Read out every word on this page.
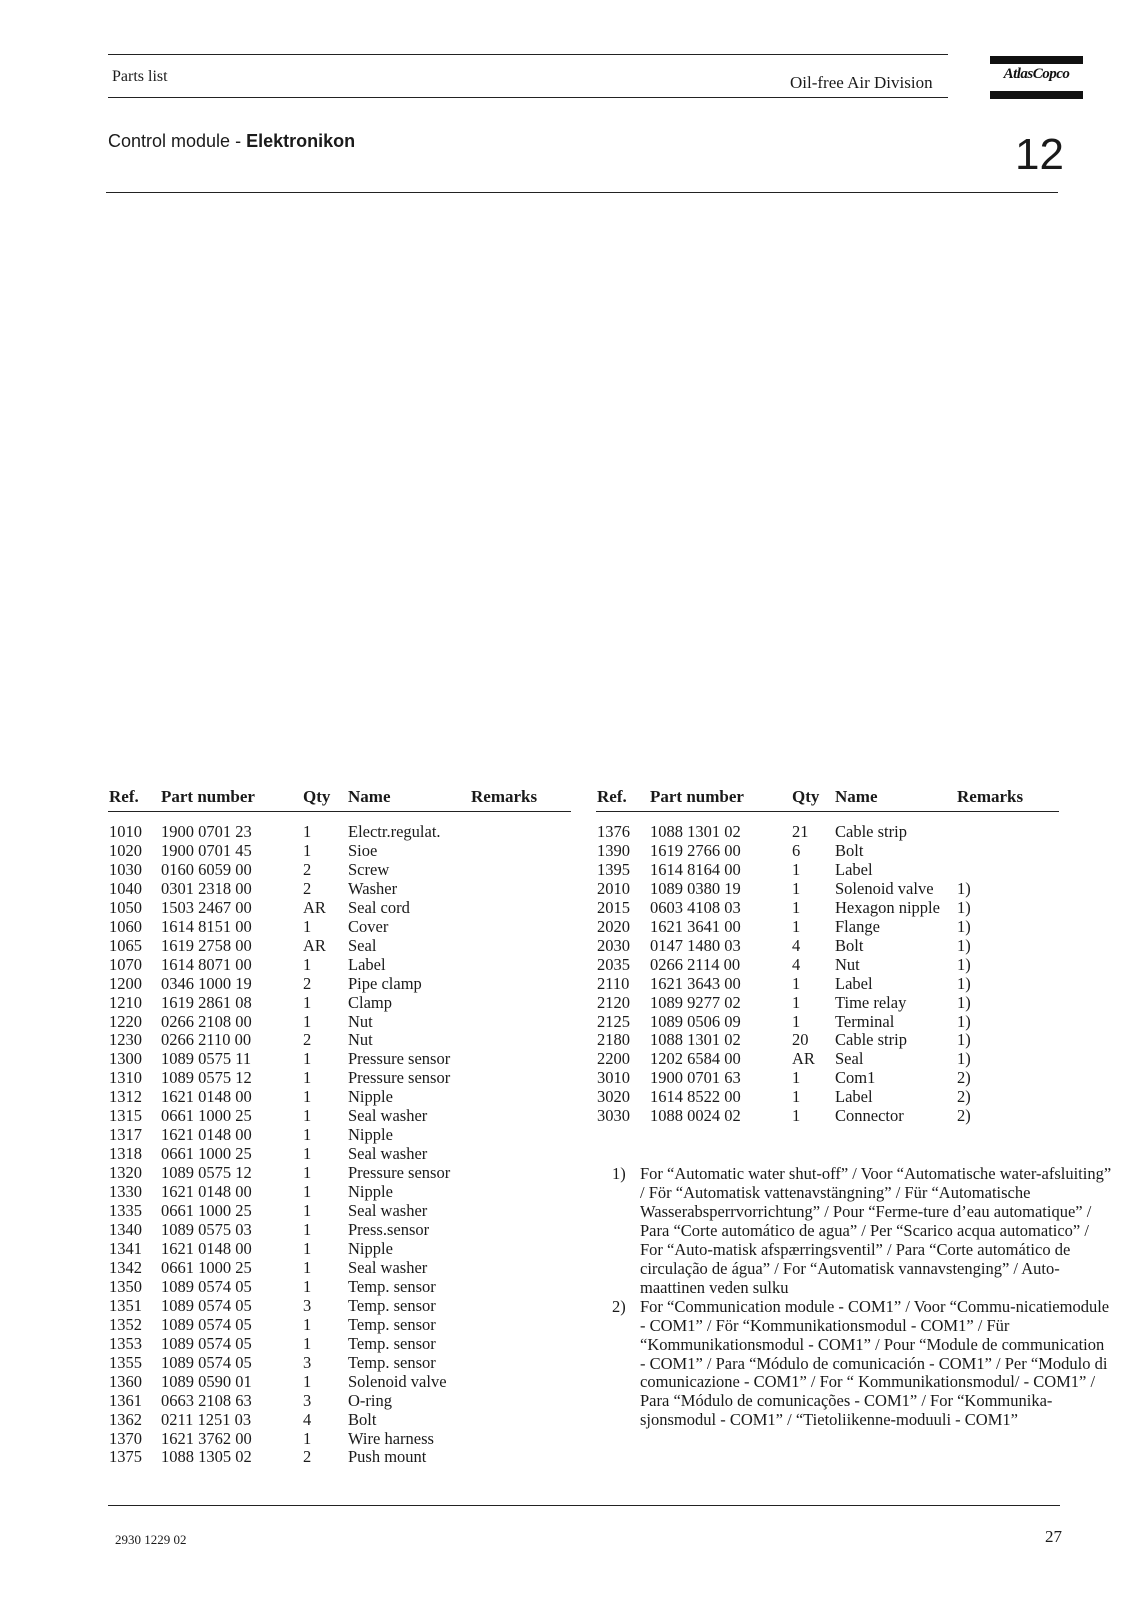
Parts list	Oil-free Air Division	AtlasCopco
Control module - Elektronikon	12
Ref.	Part number	Qty	Name	Remarks

1010	1900 0701 23	1	Electr.regulat.	
1020	1900 0701 45	1	Sioe	
1030	0160 6059 00	2	Screw	
1040	0301 2318 00	2	Washer	
1050	1503 2467 00	AR	Seal cord	
1060	1614 8151 00	1	Cover	
1065	1619 2758 00	AR	Seal	
1070	1614 8071 00	1	Label	
1200	0346 1000 19	2	Pipe clamp	
1210	1619 2861 08	1	Clamp	
1220	0266 2108 00	1	Nut	
1230	0266 2110 00	2	Nut	
1300	1089 0575 11	1	Pressure sensor	
1310	1089 0575 12	1	Pressure sensor	
1312	1621 0148 00	1	Nipple	
1315	0661 1000 25	1	Seal washer	
1317	1621 0148 00	1	Nipple	
1318	0661 1000 25	1	Seal washer	
1320	1089 0575 12	1	Pressure sensor	
1330	1621 0148 00	1	Nipple	
1335	0661 1000 25	1	Seal washer	
1340	1089 0575 03	1	Press.sensor	
1341	1621 0148 00	1	Nipple	
1342	0661 1000 25	1	Seal washer	
1350	1089 0574 05	1	Temp. sensor	
1351	1089 0574 05	3	Temp. sensor	
1352	1089 0574 05	1	Temp. sensor	
1353	1089 0574 05	1	Temp. sensor	
1355	1089 0574 05	3	Temp. sensor	
1360	1089 0590 01	1	Solenoid valve	
1361	0663 2108 63	3	O-ring	
1362	0211 1251 03	4	Bolt	
1370	1621 3762 00	1	Wire harness	
1375	1088 1305 02	2	Push mount	
Ref.	Part number	Qty	Name	Remarks

1376	1088 1301 02	21	Cable strip	
1390	1619 2766 00	6	Bolt	
1395	1614 8164 00	1	Label	
2010	1089 0380 19	1	Solenoid valve	1)
2015	0603 4108 03	1	Hexagon nipple	1)
2020	1621 3641 00	1	Flange	1)
2030	0147 1480 03	4	Bolt	1)
2035	0266 2114 00	4	Nut	1)
2110	1621 3643 00	1	Label	1)
2120	1089 9277 02	1	Time relay	1)
2125	1089 0506 09	1	Terminal	1)
2180	1088 1301 02	20	Cable strip	1)
2200	1202 6584 00	AR	Seal	1)
3010	1900 0701 63	1	Com1	2)
3020	1614 8522 00	1	Label	2)
3030	1088 0024 02	1	Connector	2)

1) For “Automatic water shut-off” / Voor “Automatische water-afsluiting” / För “Automatisk vattenavstängning” / Für “Automatische Wasserabsperrvorrichtung” / Pour “Ferme-ture d’eau automatique” / Para “Corte automático de agua” / Per “Scarico acqua automatico” / For “Auto-matisk afspærringsventil” / Para “Corte automático de circulação de água” / For “Automatisk vannavstenging” / Auto-maattinen veden sulku

2) For “Communication module - COM1” / Voor “Commu-nicatiemodule - COM1” / För “Kommunikationsmodul - COM1” / Für “Kommunikationsmodul - COM1” / Pour “Module de communication - COM1” / Para “Módulo de comunicación - COM1” / Per “Modulo di comunicazione - COM1” / For “ Kommunikationsmodul/ - COM1” / Para “Módulo de comunicações - COM1” / For “Kommunika-sjonsmodul - COM1” / “Tietoliikenne-moduuli - COM1”

2930 1229 02	27
